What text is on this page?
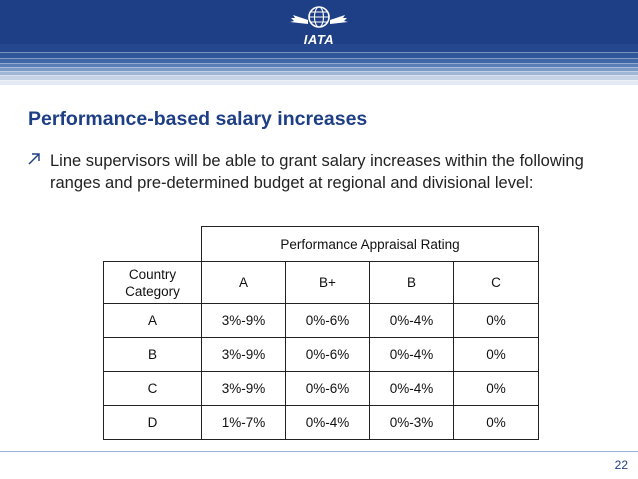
IATA
Performance-based salary increases
Line supervisors will be able to grant salary increases within the following ranges and pre-determined budget at regional and divisional level:
	Performance Appraisal Rating			
Country
Category	A	B+	B	C
A	3%-9%	0%-6%	0%-4%	0%
B	3%-9%	0%-6%	0%-4%	0%
C	3%-9%	0%-6%	0%-4%	0%
D	1%-7%	0%-4%	0%-3%	0%
22
